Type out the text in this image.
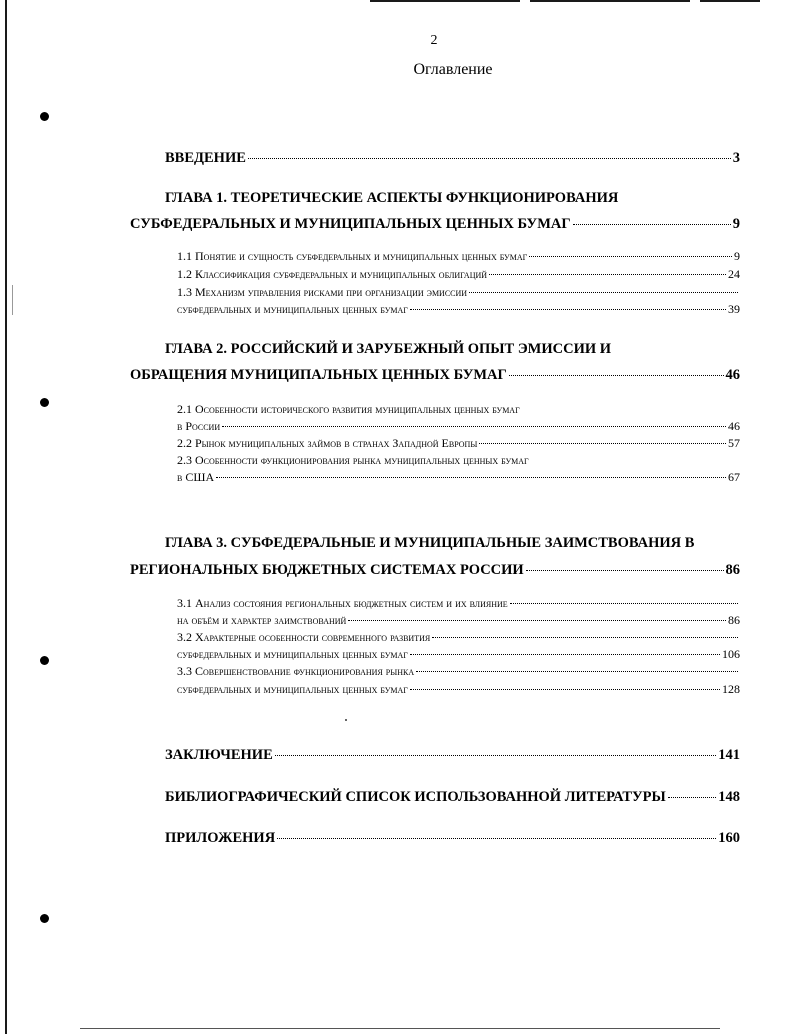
2
Оглавление
ВВЕДЕНИЕ	3
ГЛАВА 1. ТЕОРЕТИЧЕСКИЕ АСПЕКТЫ ФУНКЦИОНИРОВАНИЯ
СУБФЕДЕРАЛЬНЫХ И МУНИЦИПАЛЬНЫХ ЦЕННЫХ БУМАГ	9
1.1 Понятие и сущность субфедеральных и муниципальных ценных бумаг	9
1.2 Классификация субфедеральных и муниципальных облигаций	24
1.3 Механизм управления рисками при организации эмиссии
субфедеральных и муниципальных ценных бумаг	39
ГЛАВА 2. РОССИЙСКИЙ И ЗАРУБЕЖНЫЙ ОПЫТ ЭМИССИИ И
ОБРАЩЕНИЯ МУНИЦИПАЛЬНЫХ ЦЕННЫХ БУМАГ	46
2.1 Особенности исторического развития муниципальных ценных бумаг
в России	46
2.2 Рынок муниципальных займов в странах Западной Европы	57
2.3 Особенности функционирования рынка муниципальных ценных бумаг
в США	67
ГЛАВА 3. СУБФЕДЕРАЛЬНЫЕ И МУНИЦИПАЛЬНЫЕ ЗАИМСТВОВАНИЯ В
РЕГИОНАЛЬНЫХ БЮДЖЕТНЫХ СИСТЕМАХ РОССИИ	86
3.1 Анализ состояния региональных бюджетных систем и их влияние
на объём и характер заимствований	86
3.2 Характерные особенности современного развития
субфедеральных и муниципальных ценных бумаг	106
3.3 Совершенствование функционирования рынка
субфедеральных и муниципальных ценных бумаг	128
ЗАКЛЮЧЕНИЕ	141
БИБЛИОГРАФИЧЕСКИЙ СПИСОК ИСПОЛЬЗОВАННОЙ ЛИТЕРАТУРЫ	148
ПРИЛОЖЕНИЯ	160
